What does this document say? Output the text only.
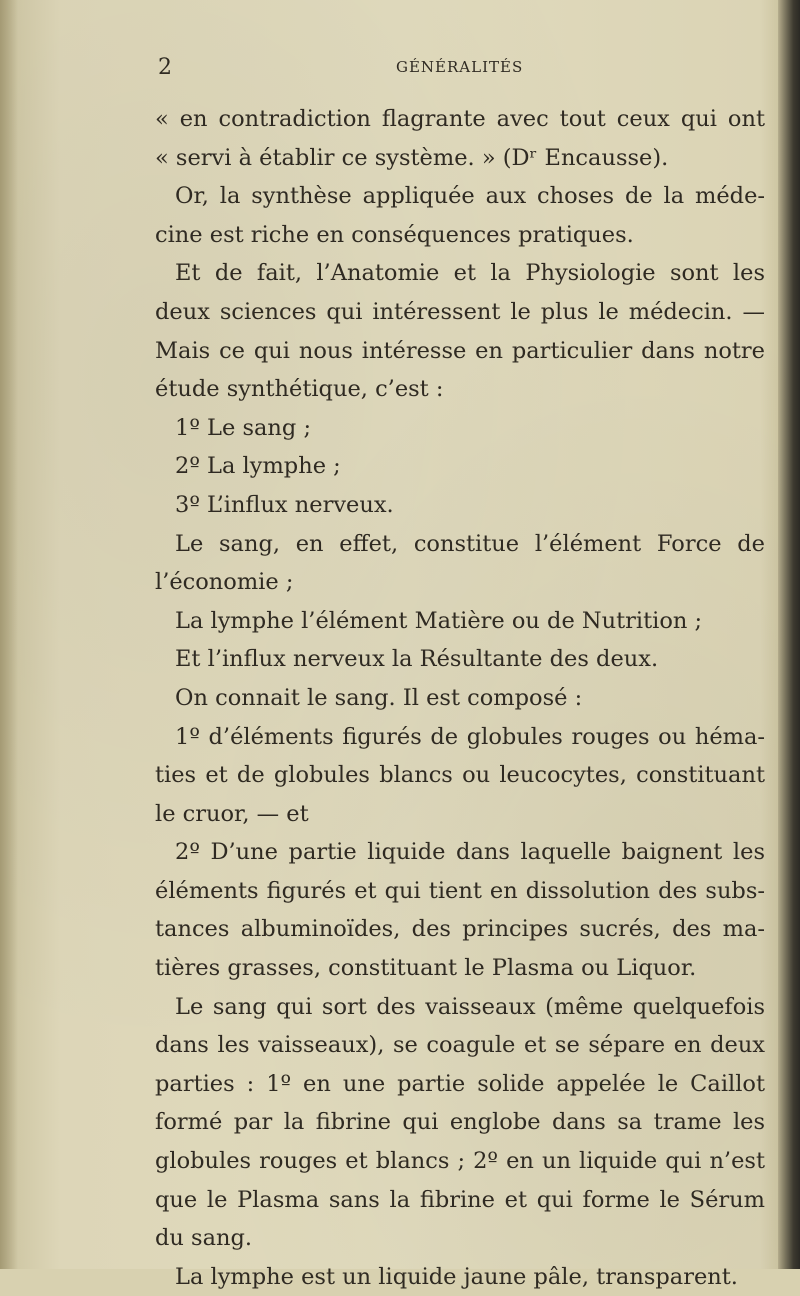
2	GÉNÉRALITÉS
« en contradiction flagrante avec tout ceux qui ont
« servi à établir ce système. » (Dʳ Encausse).
Or, la synthèse appliquée aux choses de la méde-
cine est riche en conséquences pratiques.
Et de fait, l’Anatomie et la Physiologie sont les
deux sciences qui intéressent le plus le médecin. —
Mais ce qui nous intéresse en particulier dans notre
étude synthétique, c’est :
1º Le sang ;
2º La lymphe ;
3º L’influx nerveux.
Le sang, en effet, constitue l’élément Force de
l’économie ;
La lymphe l’élément Matière ou de Nutrition ;
Et l’influx nerveux la Résultante des deux.
On connait le sang. Il est composé :
1º d’éléments figurés de globules rouges ou héma-
ties et de globules blancs ou leucocytes, constituant
le cruor, — et
2º D’une partie liquide dans laquelle baignent les
éléments figurés et qui tient en dissolution des subs-
tances albuminoïdes, des principes sucrés, des ma-
tières grasses, constituant le Plasma ou Liquor.
Le sang qui sort des vaisseaux (même quelquefois
dans les vaisseaux), se coagule et se sépare en deux
parties : 1º en une partie solide appelée le Caillot
formé par la fibrine qui englobe dans sa trame les
globules rouges et blancs ; 2º en un liquide qui n’est
que le Plasma sans la fibrine et qui forme le Sérum
du sang.
La lymphe est un liquide jaune pâle, transparent.
